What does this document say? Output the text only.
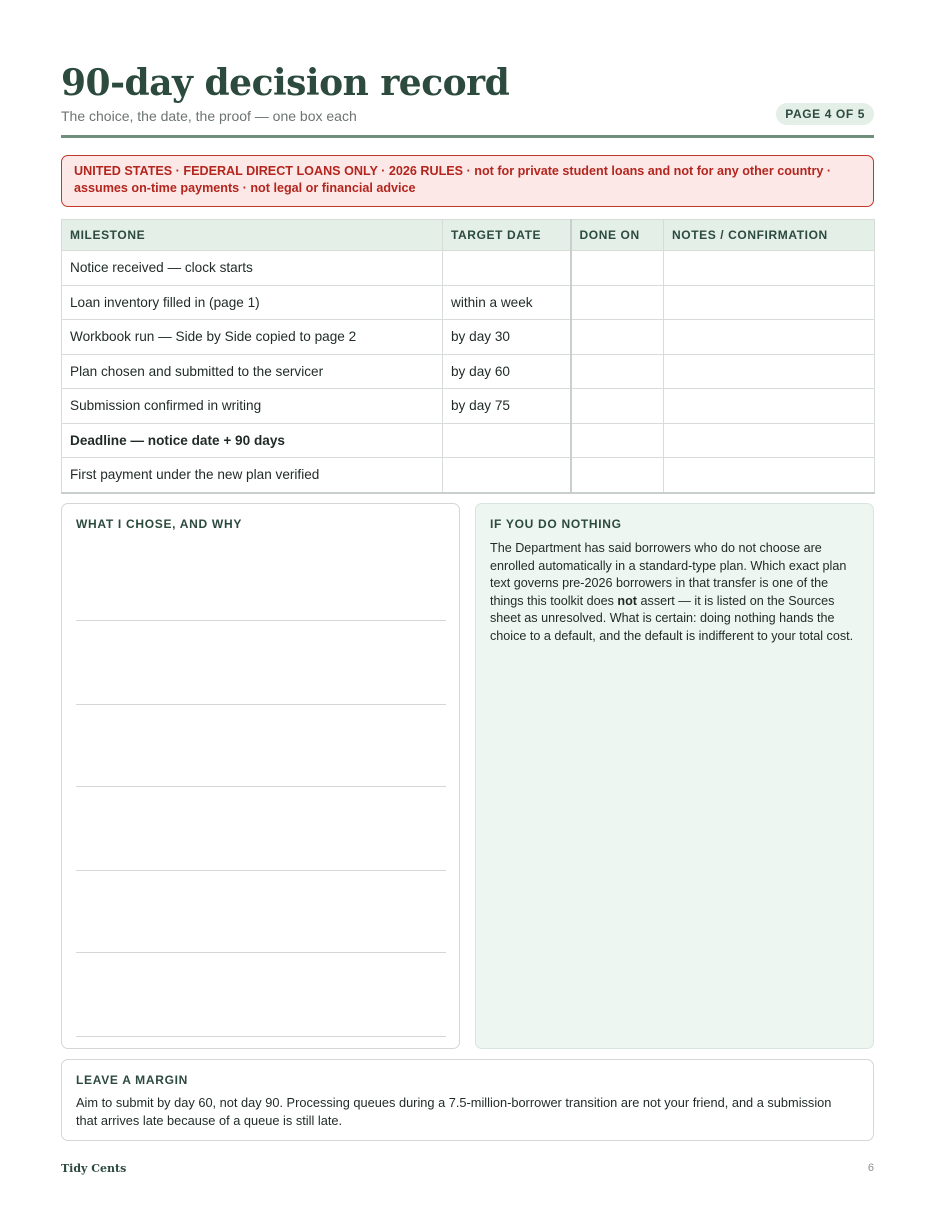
90-day decision record
The choice, the date, the proof — one box each	PAGE 4 OF 5
UNITED STATES · FEDERAL DIRECT LOANS ONLY · 2026 RULES · not for private student loans and not for any other country · assumes on-time payments · not legal or financial advice
MILESTONE	TARGET DATE	DONE ON	NOTES / CONFIRMATION
Notice received — clock starts			
Loan inventory filled in (page 1)	within a week		
Workbook run — Side by Side copied to page 2	by day 30		
Plan chosen and submitted to the servicer	by day 60		
Submission confirmed in writing	by day 75		
Deadline — notice date + 90 days			
First payment under the new plan verified			
WHAT I CHOSE, AND WHY	IF YOU DO NOTHING
The Department has said borrowers who do not choose are enrolled automatically in a standard-type plan. Which exact plan text governs pre-2026 borrowers in that transfer is one of the things this toolkit does not assert — it is listed on the Sources sheet as unresolved. What is certain: doing nothing hands the choice to a default, and the default is indifferent to your total cost.
LEAVE A MARGIN
Aim to submit by day 60, not day 90. Processing queues during a 7.5-million-borrower transition are not your friend, and a submission that arrives late because of a queue is still late.
Tidy Cents	6
